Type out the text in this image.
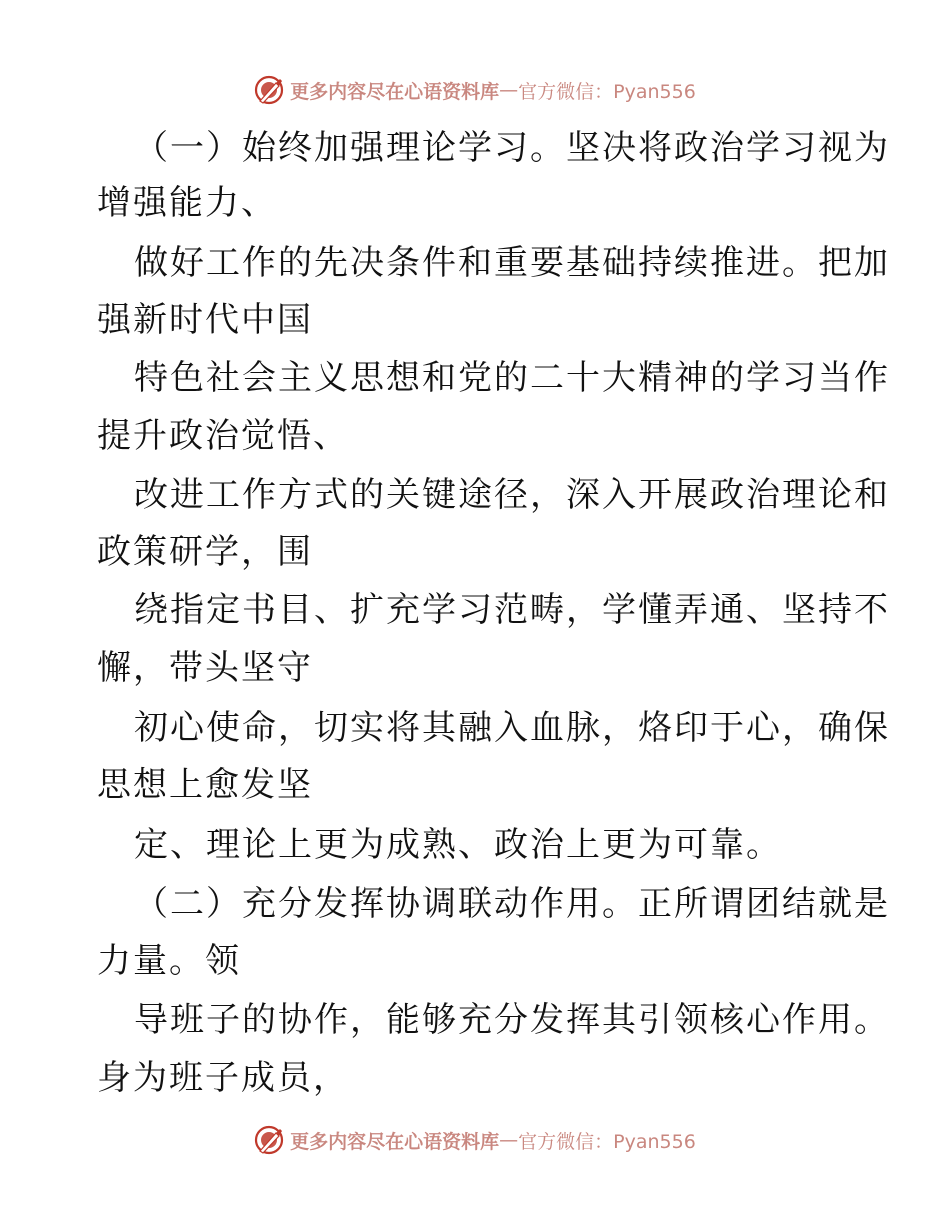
更多内容尽在心语资料库 — 官方微信：Pyan556
（一）始终加强理论学习。坚决将政治学习视为
增强能力、
做好工作的先决条件和重要基础持续推进。把加
强新时代中国
特色社会主义思想和党的二十大精神的学习当作
提升政治觉悟、
改进工作方式的关键途径，深入开展政治理论和
政策研学，围
绕指定书目、扩充学习范畴，学懂弄通、坚持不
懈，带头坚守
初心使命，切实将其融入血脉，烙印于心，确保
思想上愈发坚
定、理论上更为成熟、政治上更为可靠。
（二）充分发挥协调联动作用。正所谓团结就是
力量。领
导班子的协作，能够充分发挥其引领核心作用。
身为班子成员，
更多内容尽在心语资料库 — 官方微信：Pyan556
